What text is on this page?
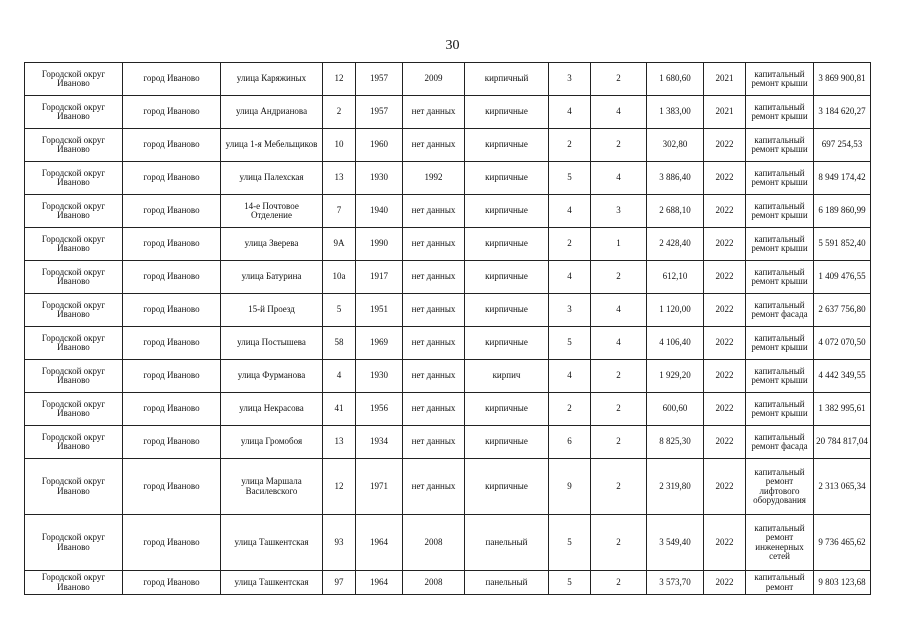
30
Городской округ Иваново	город Иваново	улица Каряжиных	12	1957	2009	кирпичный	3	2	1 680,60	2021	капитальный ремонт крыши	3 869 900,81
Городской округ Иваново	город Иваново	улица Андрианова	2	1957	нет данных	кирпичные	4	4	1 383,00	2021	капитальный ремонт крыши	3 184 620,27
Городской округ Иваново	город Иваново	улица 1-я Мебельщиков	10	1960	нет данных	кирпичные	2	2	302,80	2022	капитальный ремонт крыши	697 254,53
Городской округ Иваново	город Иваново	улица Палехская	13	1930	1992	кирпичные	5	4	3 886,40	2022	капитальный ремонт крыши	8 949 174,42
Городской округ Иваново	город Иваново	14-е Почтовое Отделение	7	1940	нет данных	кирпичные	4	3	2 688,10	2022	капитальный ремонт крыши	6 189 860,99
Городской округ Иваново	город Иваново	улица Зверева	9А	1990	нет данных	кирпичные	2	1	2 428,40	2022	капитальный ремонт крыши	5 591 852,40
Городской округ Иваново	город Иваново	улица Батурина	10а	1917	нет данных	кирпичные	4	2	612,10	2022	капитальный ремонт крыши	1 409 476,55
Городской округ Иваново	город Иваново	15-й Проезд	5	1951	нет данных	кирпичные	3	4	1 120,00	2022	капитальный ремонт фасада	2 637 756,80
Городской округ Иваново	город Иваново	улица Постышева	58	1969	нет данных	кирпичные	5	4	4 106,40	2022	капитальный ремонт крыши	4 072 070,50
Городской округ Иваново	город Иваново	улица Фурманова	4	1930	нет данных	кирпич	4	2	1 929,20	2022	капитальный ремонт крыши	4 442 349,55
Городской округ Иваново	город Иваново	улица Некрасова	41	1956	нет данных	кирпичные	2	2	600,60	2022	капитальный ремонт крыши	1 382 995,61
Городской округ Иваново	город Иваново	улица Громобоя	13	1934	нет данных	кирпичные	6	2	8 825,30	2022	капитальный ремонт фасада	20 784 817,04
Городской округ Иваново	город Иваново	улица Маршала Василевского	12	1971	нет данных	кирпичные	9	2	2 319,80	2022	капитальный ремонт лифтового оборудования	2 313 065,34
Городской округ Иваново	город Иваново	улица Ташкентская	93	1964	2008	панельный	5	2	3 549,40	2022	капитальный ремонт инженерных сетей	9 736 465,62
Городской округ Иваново	город Иваново	улица Ташкентская	97	1964	2008	панельный	5	2	3 573,70	2022	капитальный ремонт	9 803 123,68
